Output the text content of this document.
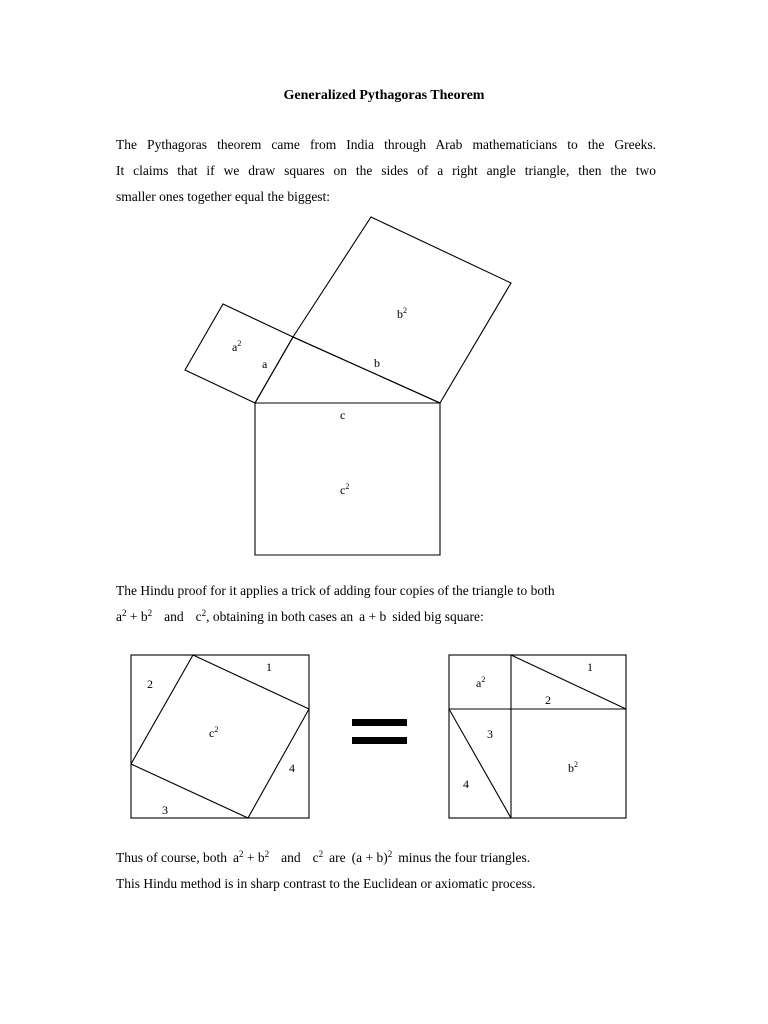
Generalized Pythagoras Theorem
The Pythagoras theorem came from India through Arab mathematicians to the Greeks.
It claims that if we draw squares on the sides of a right angle triangle, then the two
smaller ones together equal the biggest:
$a^2$
a
$b^2$
b
c
$c^2$
1
2
3
4
$c^2$
$a^2$
1
2
3
4
$b^2$
The Hindu proof for it applies a trick of adding four copies of the triangle to both
$a^2 + b^2$ and $c^2$, obtaining in both cases an a + b sided big square:
Thus of course, both $a^2 + b^2$ and $c^2$ are $(a + b)^2$ minus the four triangles.
This Hindu method is in sharp contrast to the Euclidean or axiomatic process.
